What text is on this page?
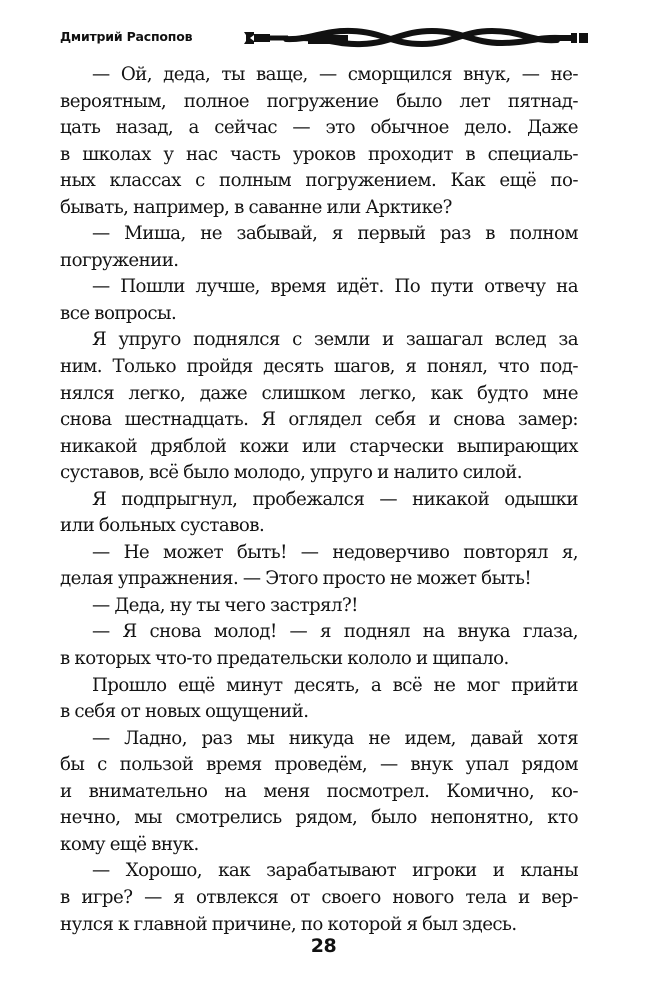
Дмитрий Распопов
— Ой, деда, ты ваще, — сморщился внук, — не-
вероятным, полное погружение было лет пятнад-
цать назад, а сейчас — это обычное дело. Даже
в школах у нас часть уроков проходит в специаль-
ных классах с полным погружением. Как ещё по-
бывать, например, в саванне или Арктике?
— Миша, не забывай, я первый раз в полном
погружении.
— Пошли лучше, время идёт. По пути отвечу на
все вопросы.
Я упруго поднялся с земли и зашагал вслед за
ним. Только пройдя десять шагов, я понял, что под-
нялся легко, даже слишком легко, как будто мне
снова шестнадцать. Я оглядел себя и снова замер:
никакой дряблой кожи или старчески выпирающих
суставов, всё было молодо, упруго и налито силой.
Я подпрыгнул, пробежался — никакой одышки
или больных суставов.
— Не может быть! — недоверчиво повторял я,
делая упражнения. — Этого просто не может быть!
— Деда, ну ты чего застрял?!
— Я снова молод! — я поднял на внука глаза,
в которых что-то предательски кололо и щипало.
Прошло ещё минут десять, а всё не мог прийти
в себя от новых ощущений.
— Ладно, раз мы никуда не идем, давай хотя
бы с пользой время проведём, — внук упал рядом
и внимательно на меня посмотрел. Комично, ко-
нечно, мы смотрелись рядом, было непонятно, кто
кому ещё внук.
— Хорошо, как зарабатывают игроки и кланы
в игре? — я отвлекся от своего нового тела и вер-
нулся к главной причине, по которой я был здесь.
28
